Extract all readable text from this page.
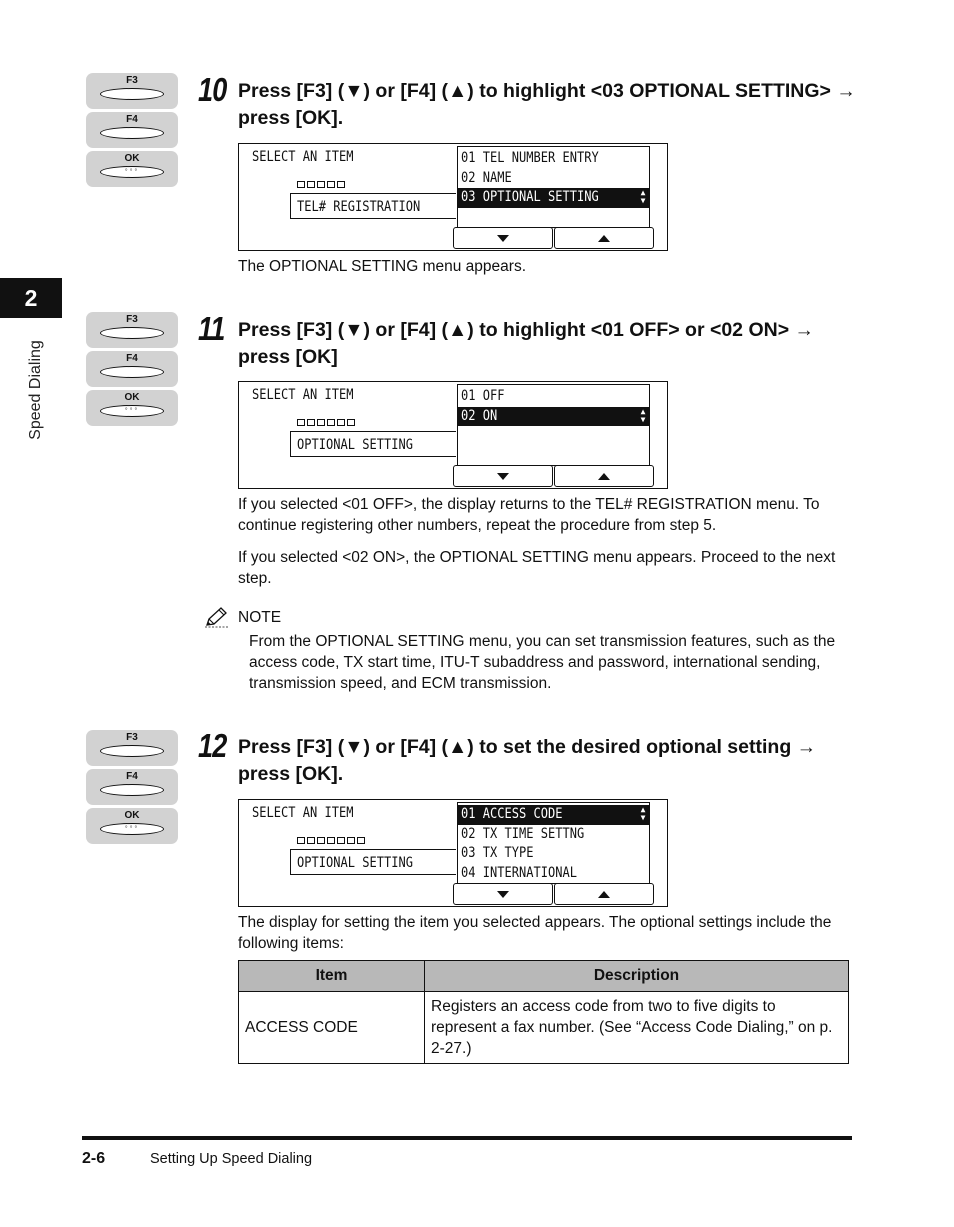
2
Speed Dialing
F3
F4
OK
◦◦◦
10 Press [F3] (▼) or [F4] (▲) to highlight <03 OPTIONAL SETTING> → press [OK].
SELECT AN ITEM
TEL# REGISTRATION
01 TEL NUMBER ENTRY
02 NAME
03 OPTIONAL SETTING	▲
▼
The OPTIONAL SETTING menu appears.
F3
F4
OK
◦◦◦
11 Press [F3] (▼) or [F4] (▲) to highlight <01 OFF> or <02 ON> → press [OK]
SELECT AN ITEM
OPTIONAL SETTING
01 OFF
02 ON	▲
▼
If you selected <01 OFF>, the display returns to the TEL# REGISTRATION menu. To continue registering other numbers, repeat the procedure from step 5.
If you selected <02 ON>, the OPTIONAL SETTING menu appears. Proceed to the next step.
NOTE
From the OPTIONAL SETTING menu, you can set transmission features, such as the access code, TX start time, ITU-T subaddress and password, international sending, transmission speed, and ECM transmission.
F3
F4
OK
◦◦◦
12 Press [F3] (▼) or [F4] (▲) to set the desired optional setting → press [OK].
SELECT AN ITEM
OPTIONAL SETTING
01 ACCESS CODE	▲
▼
02 TX TIME SETTNG
03 TX TYPE
04 INTERNATIONAL
The display for setting the item you selected appears. The optional settings include the following items:
Item	Description
ACCESS CODE	Registers an access code from two to five digits to represent a fax number. (See “Access Code Dialing,” on p. 2-27.)
2-6	Setting Up Speed Dialing
